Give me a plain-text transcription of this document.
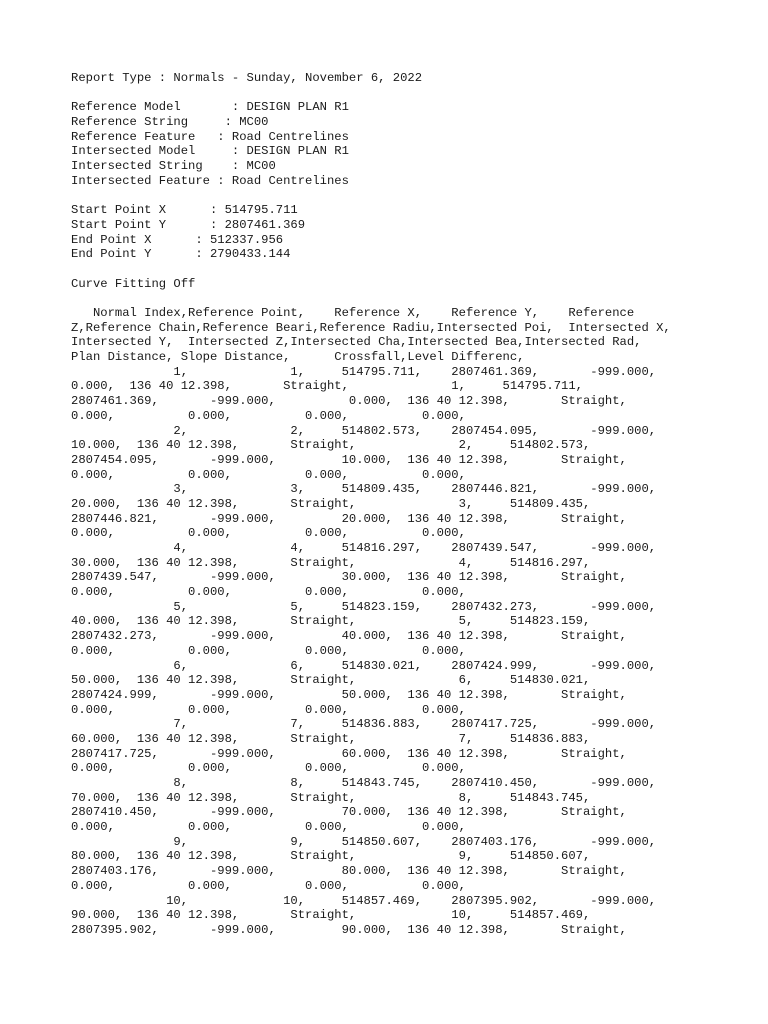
Report Type : Normals - Sunday, November 6, 2022
Reference Model       : DESIGN PLAN R1
Reference String     : MC00
Reference Feature   : Road Centrelines
Intersected Model     : DESIGN PLAN R1
Intersected String    : MC00
Intersected Feature : Road Centrelines
Start Point X      : 514795.711
Start Point Y      : 2807461.369
End Point X      : 512337.956
End Point Y      : 2790433.144
Curve Fitting Off
Normal Index,Reference Point,    Reference X,    Reference Y,    Reference
Z,Reference Chain,Reference Beari,Reference Radiu,Intersected Poi,  Intersected X,
Intersected Y,  Intersected Z,Intersected Cha,Intersected Bea,Intersected Rad,
Plan Distance, Slope Distance,      Crossfall,Level Differenc,
1,              1,     514795.711,    2807461.369,       -999.000,
0.000,  136 40 12.398,       Straight,              1,     514795.711,
2807461.369,       -999.000,          0.000,  136 40 12.398,       Straight,
0.000,          0.000,          0.000,          0.000,
2,              2,     514802.573,    2807454.095,       -999.000,
10.000,  136 40 12.398,       Straight,              2,     514802.573,
2807454.095,       -999.000,         10.000,  136 40 12.398,       Straight,
0.000,          0.000,          0.000,          0.000,
3,              3,     514809.435,    2807446.821,       -999.000,
20.000,  136 40 12.398,       Straight,              3,     514809.435,
2807446.821,       -999.000,         20.000,  136 40 12.398,       Straight,
0.000,          0.000,          0.000,          0.000,
4,              4,     514816.297,    2807439.547,       -999.000,
30.000,  136 40 12.398,       Straight,              4,     514816.297,
2807439.547,       -999.000,         30.000,  136 40 12.398,       Straight,
0.000,          0.000,          0.000,          0.000,
5,              5,     514823.159,    2807432.273,       -999.000,
40.000,  136 40 12.398,       Straight,              5,     514823.159,
2807432.273,       -999.000,         40.000,  136 40 12.398,       Straight,
0.000,          0.000,          0.000,          0.000,
6,              6,     514830.021,    2807424.999,       -999.000,
50.000,  136 40 12.398,       Straight,              6,     514830.021,
2807424.999,       -999.000,         50.000,  136 40 12.398,       Straight,
0.000,          0.000,          0.000,          0.000,
7,              7,     514836.883,    2807417.725,       -999.000,
60.000,  136 40 12.398,       Straight,              7,     514836.883,
2807417.725,       -999.000,         60.000,  136 40 12.398,       Straight,
0.000,          0.000,          0.000,          0.000,
8,              8,     514843.745,    2807410.450,       -999.000,
70.000,  136 40 12.398,       Straight,              8,     514843.745,
2807410.450,       -999.000,         70.000,  136 40 12.398,       Straight,
0.000,          0.000,          0.000,          0.000,
9,              9,     514850.607,    2807403.176,       -999.000,
80.000,  136 40 12.398,       Straight,              9,     514850.607,
2807403.176,       -999.000,         80.000,  136 40 12.398,       Straight,
0.000,          0.000,          0.000,          0.000,
10,             10,     514857.469,    2807395.902,       -999.000,
90.000,  136 40 12.398,       Straight,             10,     514857.469,
2807395.902,       -999.000,         90.000,  136 40 12.398,       Straight,
